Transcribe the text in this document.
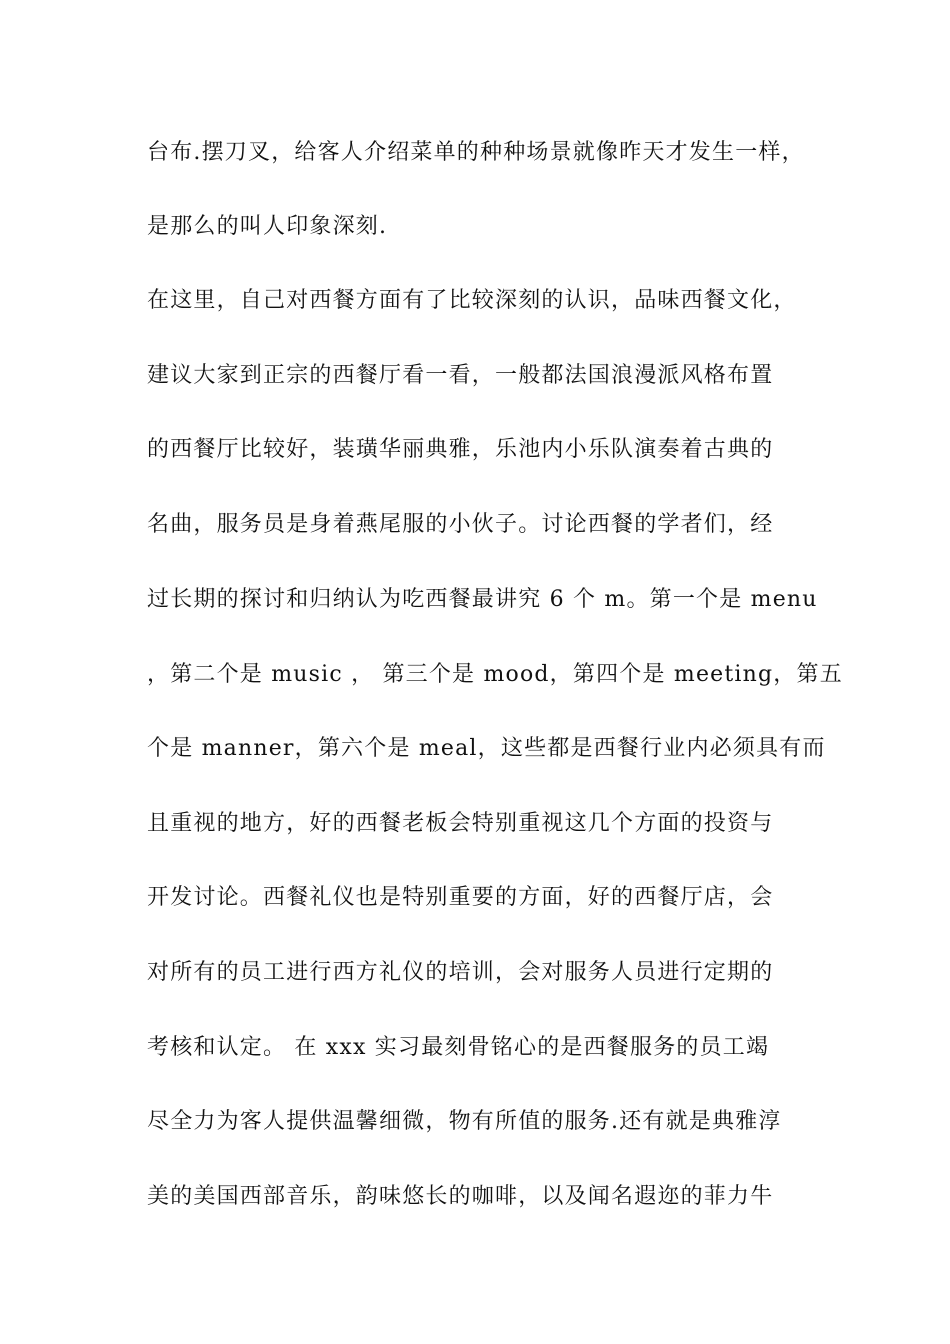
台布.摆刀叉，给客人介绍菜单的种种场景就像昨天才发生一样，
是那么的叫人印象深刻.
在这里，自己对西餐方面有了比较深刻的认识，品味西餐文化，
建议大家到正宗的西餐厅看一看，一般都法国浪漫派风格布置
的西餐厅比较好，装璜华丽典雅，乐池内小乐队演奏着古典的
名曲，服务员是身着燕尾服的小伙子。讨论西餐的学者们，经
过长期的探讨和归纳认为吃西餐最讲究 6 个 m。第一个是 menu
，第二个是 music ， 第三个是 mood，第四个是 meeting，第五
个是 manner，第六个是 meal，这些都是西餐行业内必须具有而
且重视的地方，好的西餐老板会特别重视这几个方面的投资与
开发讨论。西餐礼仪也是特别重要的方面，好的西餐厅店，会
对所有的员工进行西方礼仪的培训，会对服务人员进行定期的
考核和认定。 在 xxx 实习最刻骨铭心的是西餐服务的员工竭
尽全力为客人提供温馨细微，物有所值的服务.还有就是典雅淳
美的美国西部音乐，韵味悠长的咖啡，以及闻名遐迩的菲力牛
